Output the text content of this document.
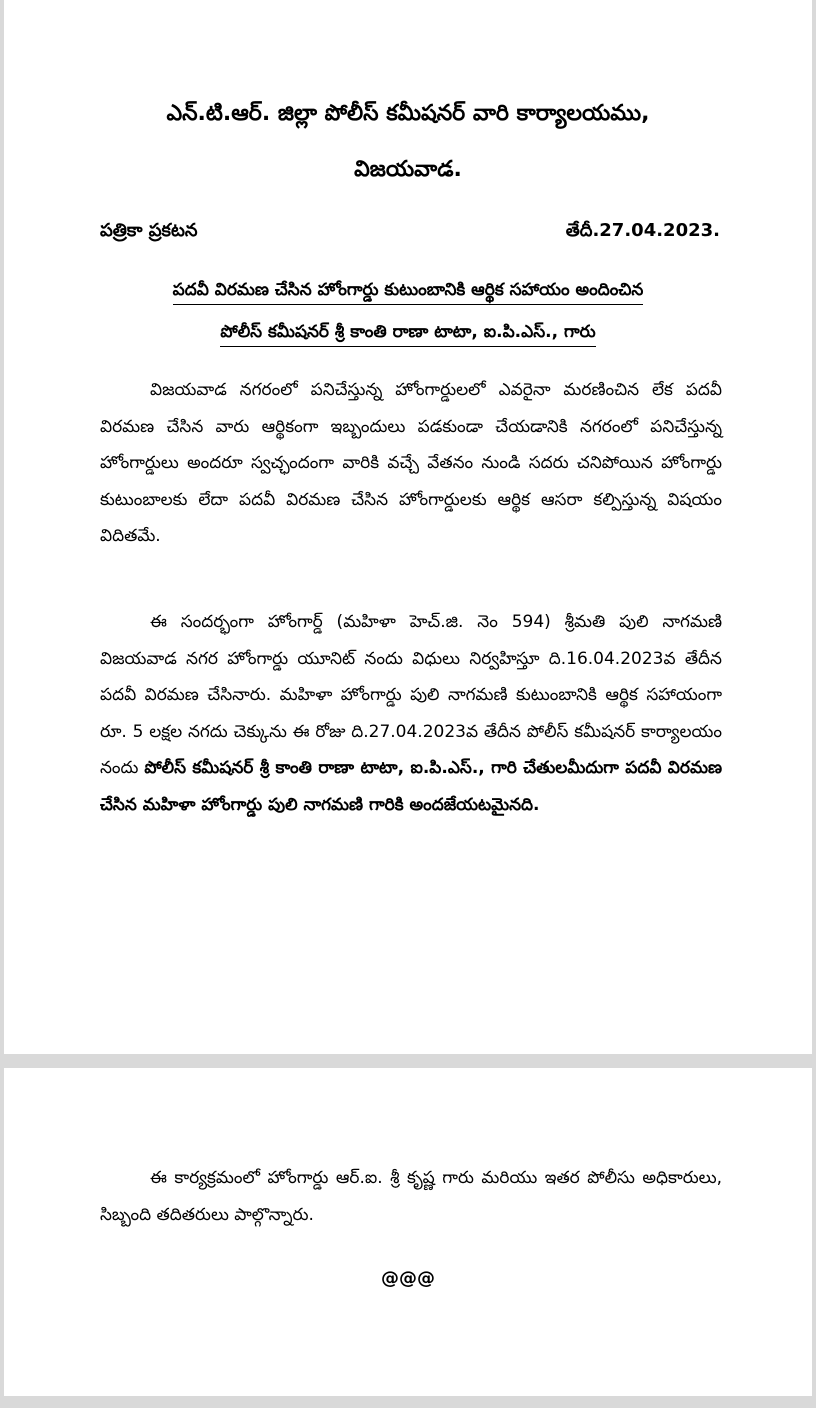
ఎన్.టి.ఆర్. జిల్లా పోలీస్ కమీషనర్ వారి కార్యాలయము,
విజయవాడ.
పత్రికా ప్రకటన	తేదీ.27.04.2023.
పదవీ విరమణ చేసిన హోంగార్డు కుటుంబానికి ఆర్థిక సహాయం అందించిన
పోలీస్ కమీషనర్ శ్రీ కాంతి రాణా టాటా, ఐ.పి.ఎస్., గారు

విజయవాడ నగరంలో పనిచేస్తున్న హోంగార్డులలో ఎవరైనా మరణించిన లేక పదవీ విరమణ చేసిన వారు ఆర్థికంగా ఇబ్బందులు పడకుండా చేయడానికి నగరంలో పనిచేస్తున్న హోంగార్డులు అందరూ స్వచ్ఛందంగా వారికి వచ్చే వేతనం నుండి సదరు చనిపోయిన హోంగార్డు కుటుంబాలకు లేదా పదవీ విరమణ చేసిన హోంగార్డులకు ఆర్థిక ఆసరా కల్పిస్తున్న విషయం విదితమే.

ఈ సందర్భంగా హోంగార్డ్ (మహిళా హెచ్.జి. నెం 594) శ్రీమతి పులి నాగమణి విజయవాడ నగర హోంగార్డు యూనిట్ నందు విధులు నిర్వహిస్తూ ది.16.04.2023వ తేదీన పదవీ విరమణ చేసినారు. మహిళా హోంగార్డు పులి నాగమణి కుటుంబానికి ఆర్థిక సహాయంగా రూ. 5 లక్షల నగదు చెక్కును ఈ రోజు ది.27.04.2023వ తేదీన పోలీస్ కమీషనర్ కార్యాలయం నందు పోలీస్ కమీషనర్ శ్రీ కాంతి రాణా టాటా, ఐ.పి.ఎస్., గారి చేతులమీదుగా పదవీ విరమణ చేసిన మహిళా హోంగార్డు పులి నాగమణి గారికి అందజేయటమైనది.

ఈ కార్యక్రమంలో హోంగార్డు ఆర్.ఐ. శ్రీ కృష్ణ గారు మరియు ఇతర పోలీసు అధికారులు, సిబ్బంది తదితరులు పాల్గొన్నారు.

@@@
